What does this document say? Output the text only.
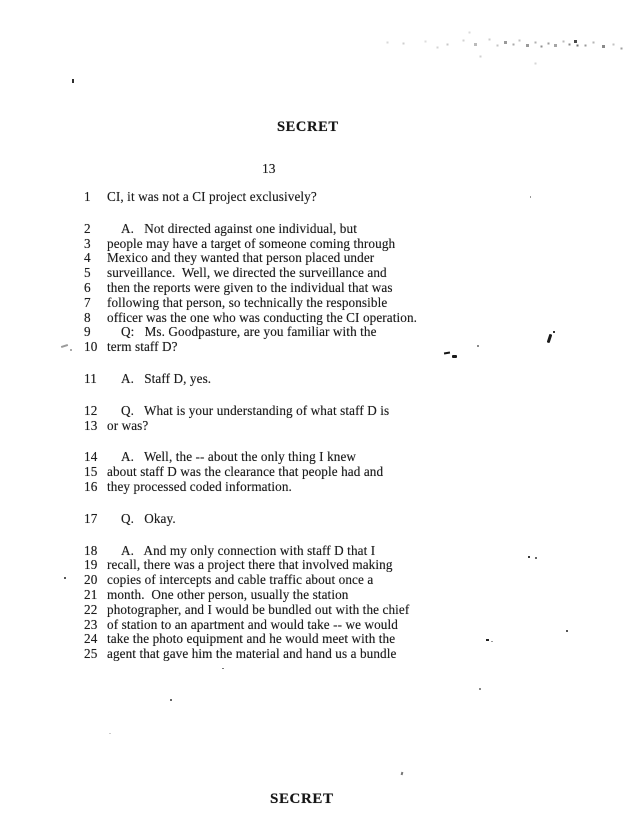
SECRET
13
1	CI, it was not a CI project exclusively?
2	A.   Not directed against one individual, but
3	people may have a target of someone coming through
4	Mexico and they wanted that person placed under
5	surveillance.  Well, we directed the surveillance and
6	then the reports were given to the individual that was
7	following that person, so technically the responsible
8	officer was the one who was conducting the CI operation.
9	Q:   Ms. Goodpasture, are you familiar with the
10 term staff D?
11	A.   Staff D, yes.
12	Q.   What is your understanding of what staff D is
13 or was?
14	A.   Well, the -- about the only thing I knew
15 about staff D was the clearance that people had and
16 they processed coded information.
17	Q.   Okay.
18	A.   And my only connection with staff D that I
19 recall, there was a project there that involved making
20 copies of intercepts and cable traffic about once a
21 month.  One other person, usually the station
22 photographer, and I would be bundled out with the chief
23 of station to an apartment and would take -- we would
24 take the photo equipment and he would meet with the
25 agent that gave him the material and hand us a bundle
SECRET
